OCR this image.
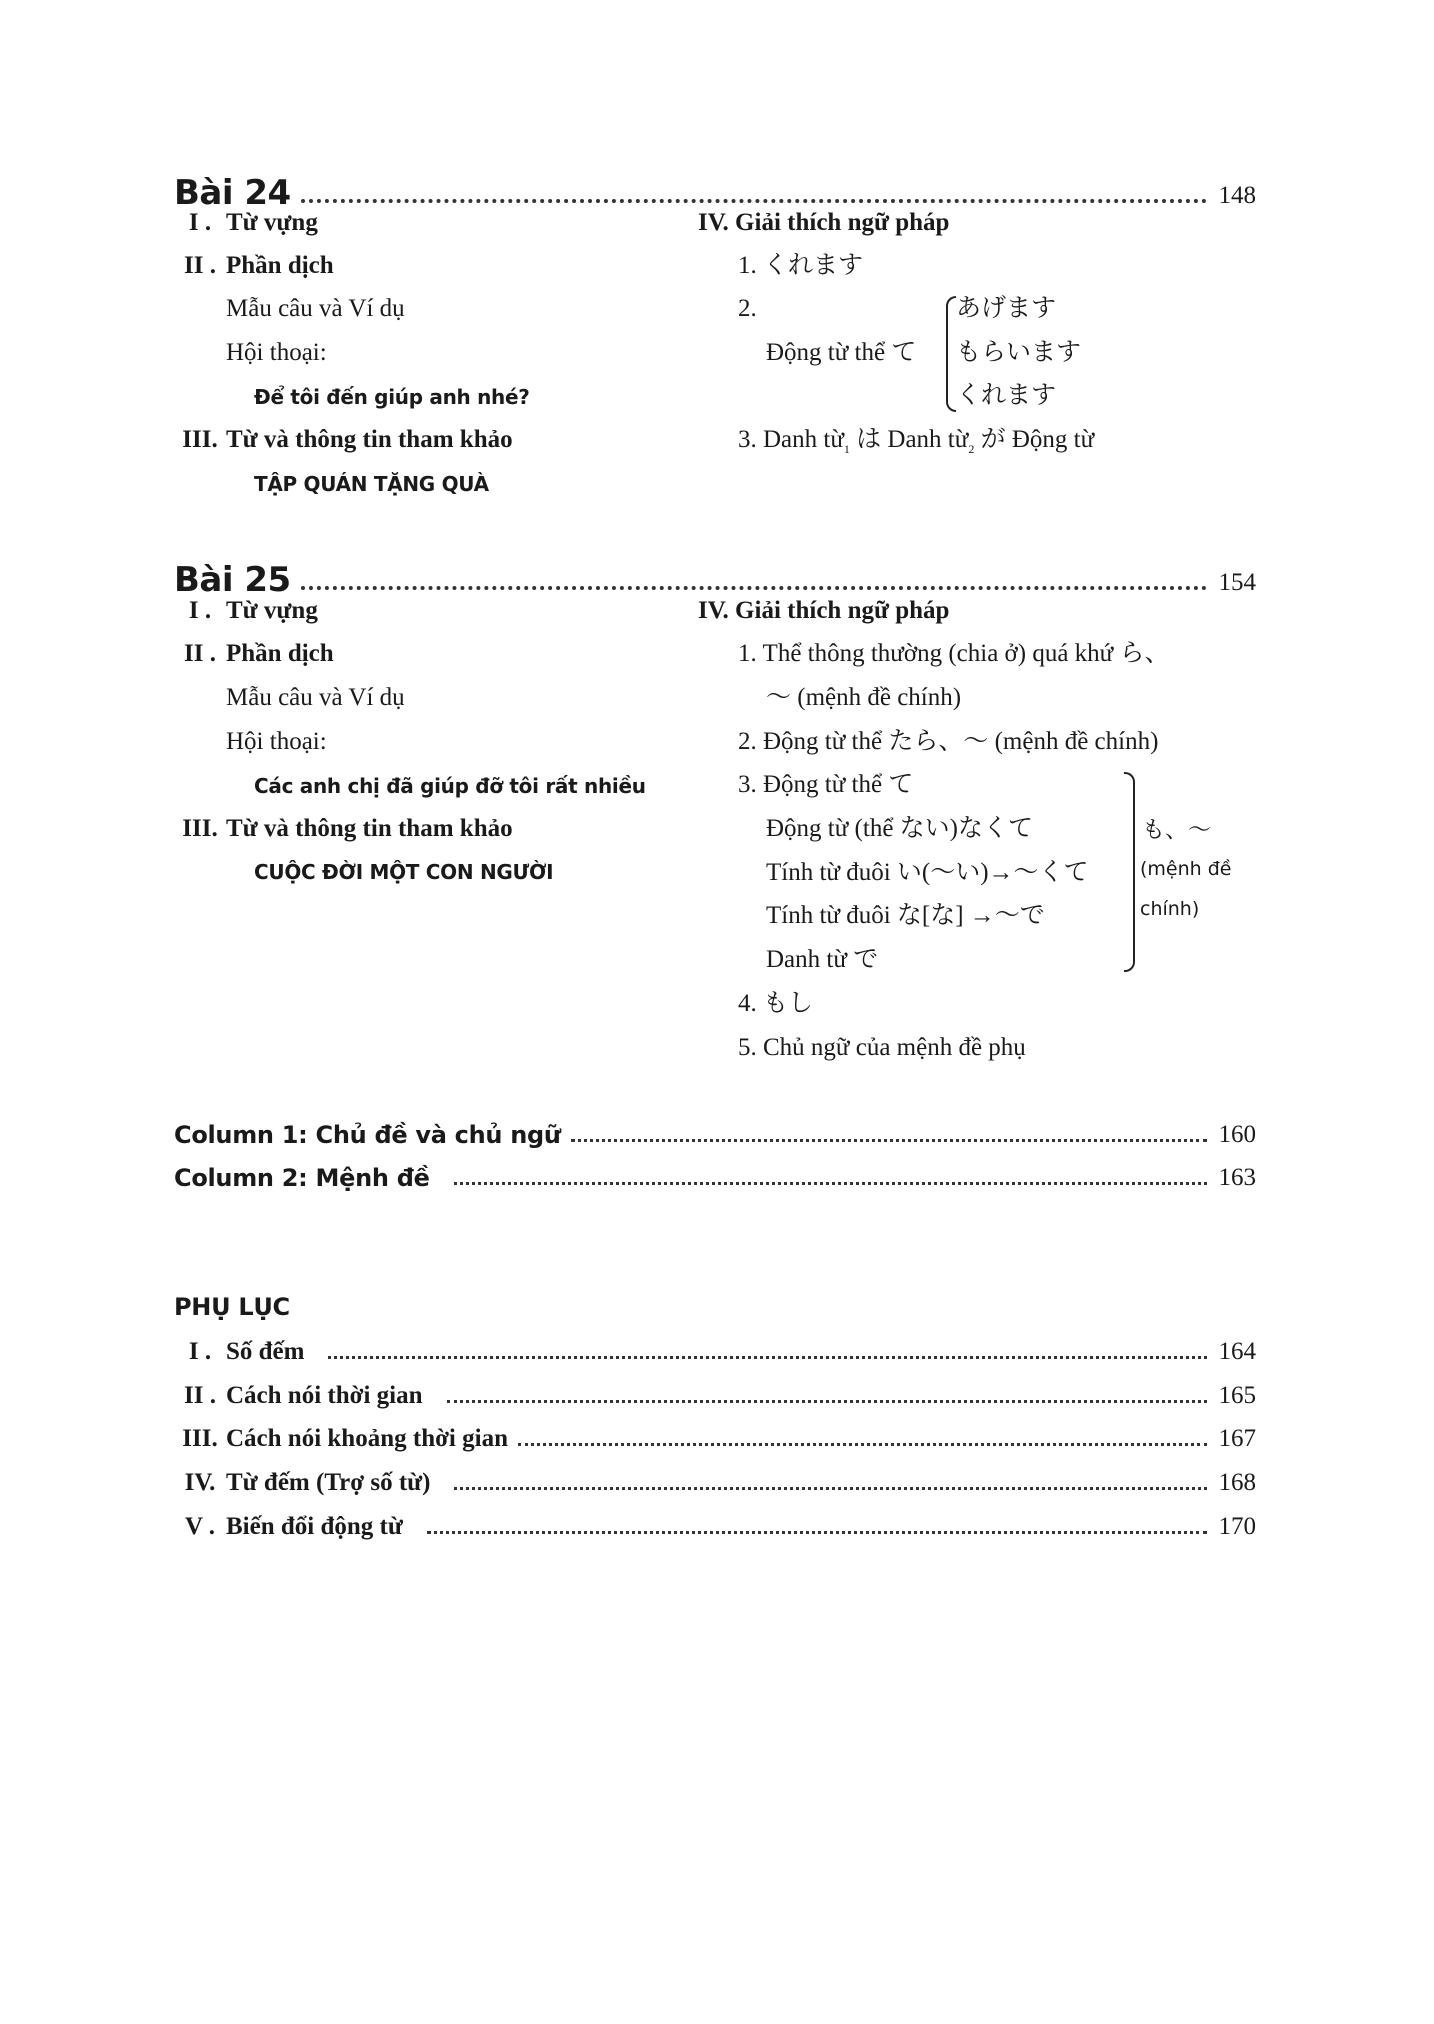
Bài 24	148
I . Từ vựng
II . Phần dịch
Mẫu câu và Ví dụ
Hội thoại:
Để tôi đến giúp anh nhé?
III. Từ và thông tin tham khảo
TẬP QUÁN TẶNG QUÀ
IV. Giải thích ngữ pháp
1. くれます
2.
Động từ thể て
あげます
もらいます
くれます
3. Danh từ$_1$ は Danh từ$_2$ が Động từ
Bài 25	154
I . Từ vựng
II . Phần dịch
Mẫu câu và Ví dụ
Hội thoại:
Các anh chị đã giúp đỡ tôi rất nhiều
III. Từ và thông tin tham khảo
CUỘC ĐỜI MỘT CON NGƯỜI
IV. Giải thích ngữ pháp
1. Thể thông thường (chia ở) quá khứ ら、
～ (mệnh đề chính)
2. Động từ thể たら、～ (mệnh đề chính)
3. Động từ thể て
Động từ (thể ない)なくて
Tính từ đuôi い(～い)→～くて
Tính từ đuôi な[な] →～で
Danh từ で
も、～
(mệnh đề
chính)
4. もし
5. Chủ ngữ của mệnh đề phụ
Column 1: Chủ đề và chủ ngữ	160
Column 2: Mệnh đề	163
PHỤ LỤC
I . Số đếm	164
II . Cách nói thời gian	165
III. Cách nói khoảng thời gian	167
IV. Từ đếm (Trợ số từ)	168
V . Biến đổi động từ	170
